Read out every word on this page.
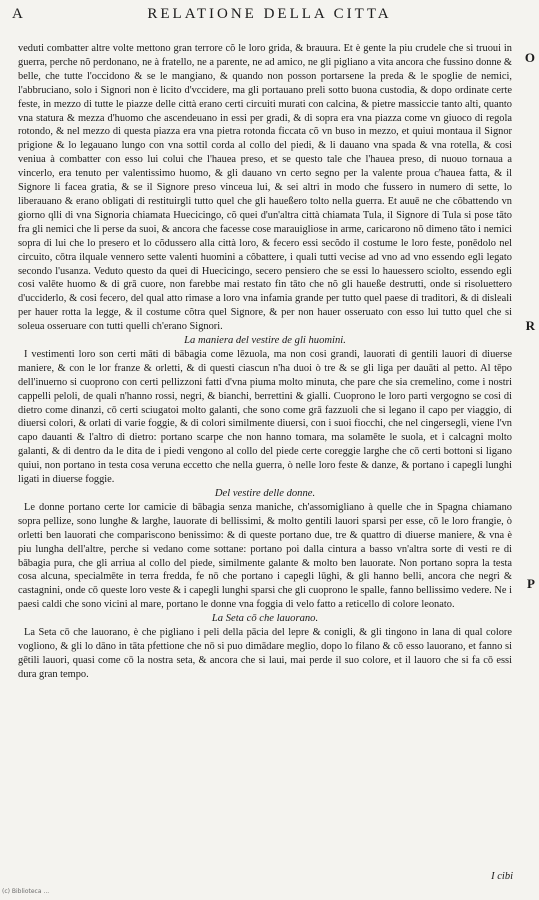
A	RELATIONE DELLA CITTA
O
R
P

veduti combatter altre volte mettono gran terrore cõ le loro grida, & brauura. Et è gente la piu crudele che si truoui in guerra, perche nõ perdonano, ne à fratello, ne a parente, ne ad amico, ne gli pigliano a vita ancora che fussino donne & belle, che tutte l'occidono & se le mangiano, & quando non posson portarsene la preda & le spoglie de nemici, l'abbruciano, solo i Signori non è licito d'vccidere, ma gli portauano preli sotto buona custodia, & dopo ordinate certe feste, in mezzo di tutte le piazze delle città erano certi circuiti murati con calcina, & pietre massiccie tanto alti, quanto vna statura & mezza d'huomo che ascendeuano in essi per gradi, & di sopra era vna piazza come vn giuoco di regola rotondo, & nel mezzo di questa piazza era vna pietra rotonda ficcata cõ vn buso in mezzo, et quiui montaua il Signor prigione & lo legauano lungo con vna sottil corda al collo del piedi, & li dauano vna spada & vna rotella, & cosi veniua à combatter con esso lui colui che l'hauea preso, et se questo tale che l'hauea preso, di nuouo tornaua a vincerlo, era tenuto per valentissimo huomo, & gli dauano vn certo segno per la valente proua c'hauea fatta, & il Signore li facea gratia, & se il Signore preso vinceua lui, & sei altri in modo che fussero in numero di sette, lo liberauano & erano obligati di restituirgli tutto quel che gli haueßero tolto nella guerra. Et auuē ne che cõbattendo vn giorno qlli di vna Signoria chiamata Huecicingo, cõ quei d'un'altra città chiamata Tula, il Signore di Tula si pose tāto fra gli nemici che li perse da suoi, & ancora che facesse cose marauigliose in arme, caricarono nõ dimeno tāto i nemici sopra di lui che lo presero et lo cõdussero alla città loro, & fecero essi secõdo il costume le loro feste, ponēdolo nel circuito, cōtra ilquale vennero sette valenti huomini a cõbattere, i quali tutti vecise ad vno ad vno essendo egli legato secondo l'usanza. Veduto questo da quei di Huecicingo, secero pensiero che se essi lo hauessero sciolto, essendo egli cosi valēte huomo & di grā cuore, non farebbe mai restato fin tāto che nõ gli haueße destrutti, onde si risoluettero d'ucciderlo, & cosi fecero, del qual atto rimase a loro vna infamia grande per tutto quel paese di traditori, & di disleali per hauer rotta la legge, & il costume cõtra quel Signore, & per non hauer osseruato con esso lui tutto quel che si soleua osseruare con tutti quelli ch'erano Signori.

La maniera del vestire de gli huomini.

I vestimenti loro son certi māti di bābagia come lēzuola, ma non cosi grandi, lauorati di gentili lauori di diuerse maniere, & con le lor franze & orletti, & di questi ciascun n'ha duoi ò tre & se gli liga per dauāti al petto. Al tēpo dell'inuerno si cuoprono con certi pellizzoni fatti d'vna piuma molto minuta, che pare che sia cremelino, come i nostri cappelli peloli, de quali n'hanno rossi, negri, & bianchi, berrettini & gialli. Cuoprono le loro parti vergogno se cosi di dietro come dinanzi, cō certi sciugatoi molto galanti, che sono come grā fazzuoli che si legano il capo per viaggio, di diuersi colori, & orlati di varie foggie, & di colori similmente diuersi, con i suoi fiocchi, che nel cingersegli, viene l'vn capo dauanti & l'altro di dietro: portano scarpe che non hanno tomara, ma solamēte le suola, et i calcagni molto galanti, & di dentro da le dita de i piedi vengono al collo del piede certe coreggie larghe che cō certi bottoni si ligano quiui, non portano in testa cosa veruna eccetto che nella guerra, ò nelle loro feste & danze, & portano i capegli lunghi ligati in diuerse foggie.

Del vestire delle donne.

Le donne portano certe lor camicie di bābagia senza maniche, ch'assomigliano à quelle che in Spagna chiamano sopra pellize, sono lunghe & larghe, lauorate di bellissimi, & molto gentili lauori sparsi per esse, cō le loro frangie, ò orletti ben lauorati che compariscono benissimo: & di queste portano due, tre & quattro di diuerse maniere, & vna è piu lungha dell'altre, perche si vedano come sottane: portano poi dalla cintura a basso vn'altra sorte di vesti re di bābagia pura, che gli arriua al collo del piede, similmente galante & molto ben lauorate. Non portano sopra la testa cosa alcuna, specialmēte in terra fredda, fe nō che portano i capegli lūghi, & gli hanno belli, ancora che negri & castagnini, onde cō queste loro veste & i capegli lunghi sparsi che gli cuoprono le spalle, fanno bellissimo vedere. Ne i paesi caldi che sono vicini al mare, portano le donne vna foggia di velo fatto a reticello di colore leonato.

La Seta cō che lauorano.

La Seta cō che lauorano, è che pigliano i peli della pācia del lepre & conigli, & gli tingono in lana di qual colore vogliono, & gli lo dāno in tāta pfettione che nō si puo dimādare meglio, dopo lo filano & cō esso lauorano, et fanno si gētili lauori, quasi come cō la nostra seta, & ancora che si laui, mai perde il suo colore, et il lauoro che si fa cō essi dura gran tempo.

I cibi
(c) Biblioteca ...
